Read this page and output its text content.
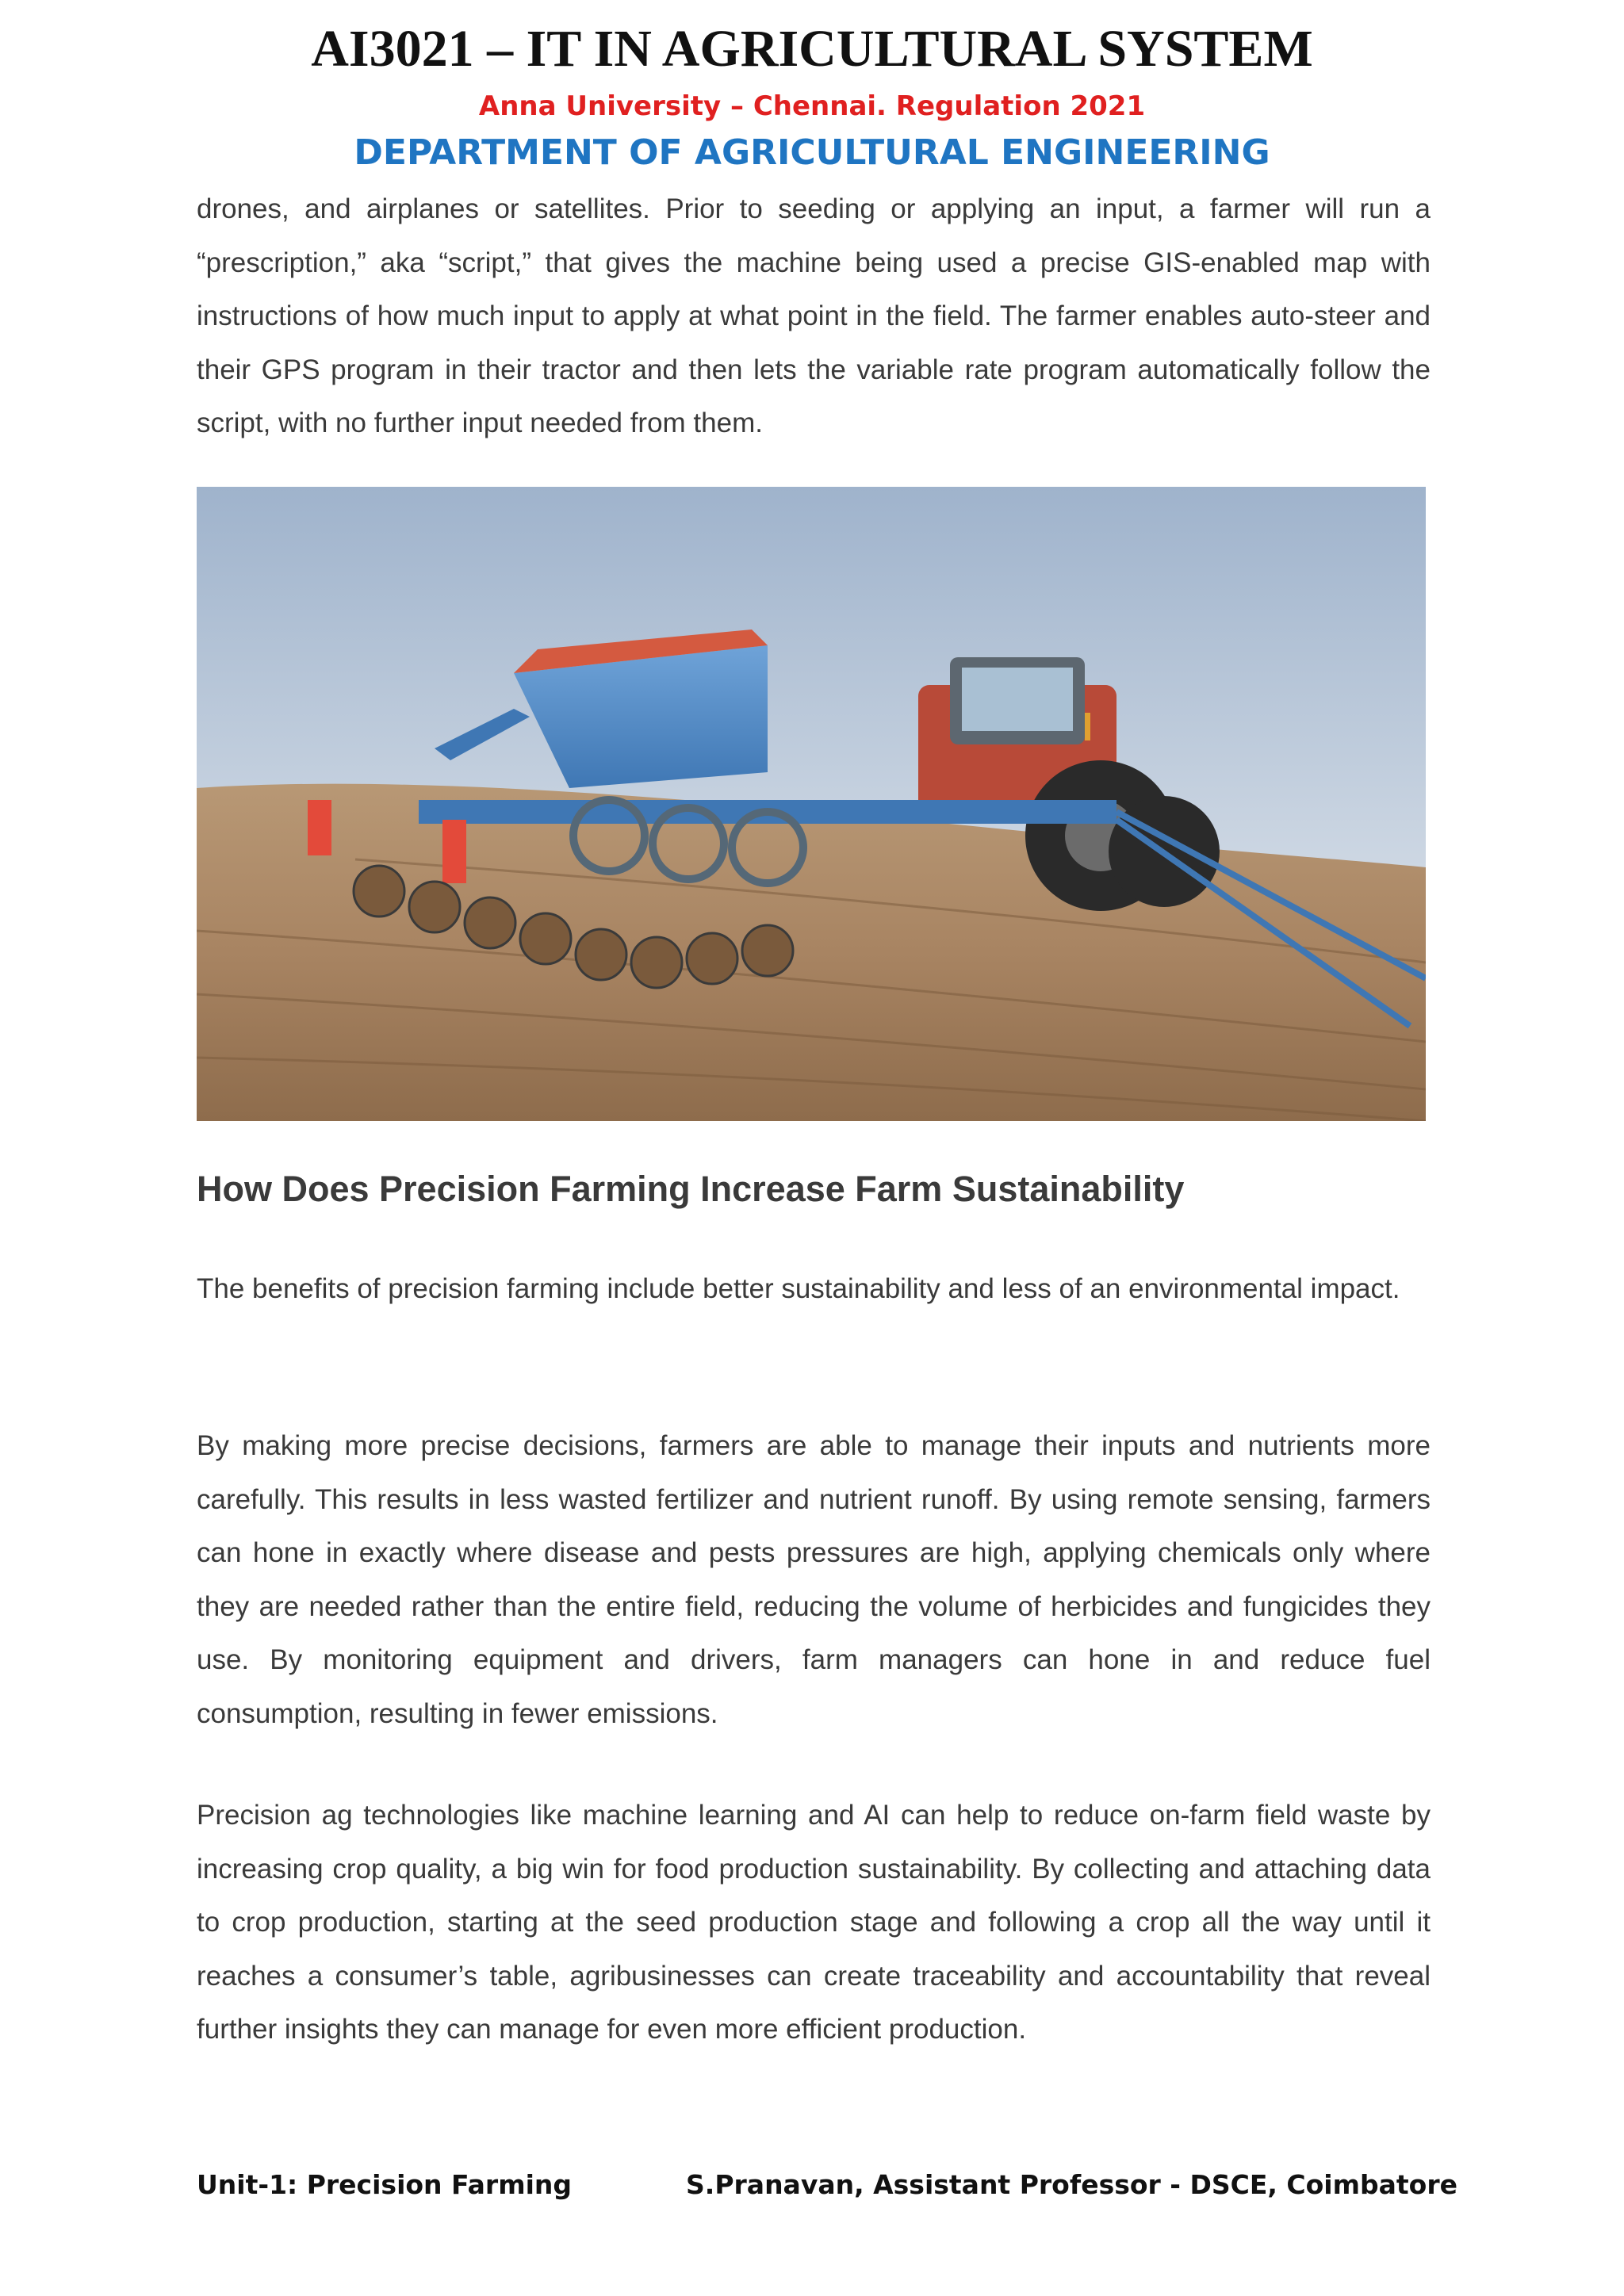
AI3021 – IT IN AGRICULTURAL SYSTEM
Anna University – Chennai. Regulation 2021
DEPARTMENT OF AGRICULTURAL ENGINEERING

drones, and airplanes or satellites. Prior to seeding or applying an input, a farmer will run a “prescription,” aka “script,” that gives the machine being used a precise GIS-enabled map with instructions of how much input to apply at what point in the field. The farmer enables auto-steer and their GPS program in their tractor and then lets the variable rate program automatically follow the script, with no further input needed from them.

How Does Precision Farming Increase Farm Sustainability

The benefits of precision farming include better sustainability and less of an environmental impact.

By making more precise decisions, farmers are able to manage their inputs and nutrients more carefully. This results in less wasted fertilizer and nutrient runoff. By using remote sensing, farmers can hone in exactly where disease and pests pressures are high, applying chemicals only where they are needed rather than the entire field, reducing the volume of herbicides and fungicides they use. By monitoring equipment and drivers, farm managers can hone in and reduce fuel consumption, resulting in fewer emissions.

Precision ag technologies like machine learning and AI can help to reduce on-farm field waste by increasing crop quality, a big win for food production sustainability. By collecting and attaching data to crop production, starting at the seed production stage and following a crop all the way until it reaches a consumer’s table, agribusinesses can create traceability and accountability that reveal further insights they can manage for even more efficient production.

Unit-1: Precision Farming	S.Pranavan, Assistant Professor - DSCE, Coimbatore
